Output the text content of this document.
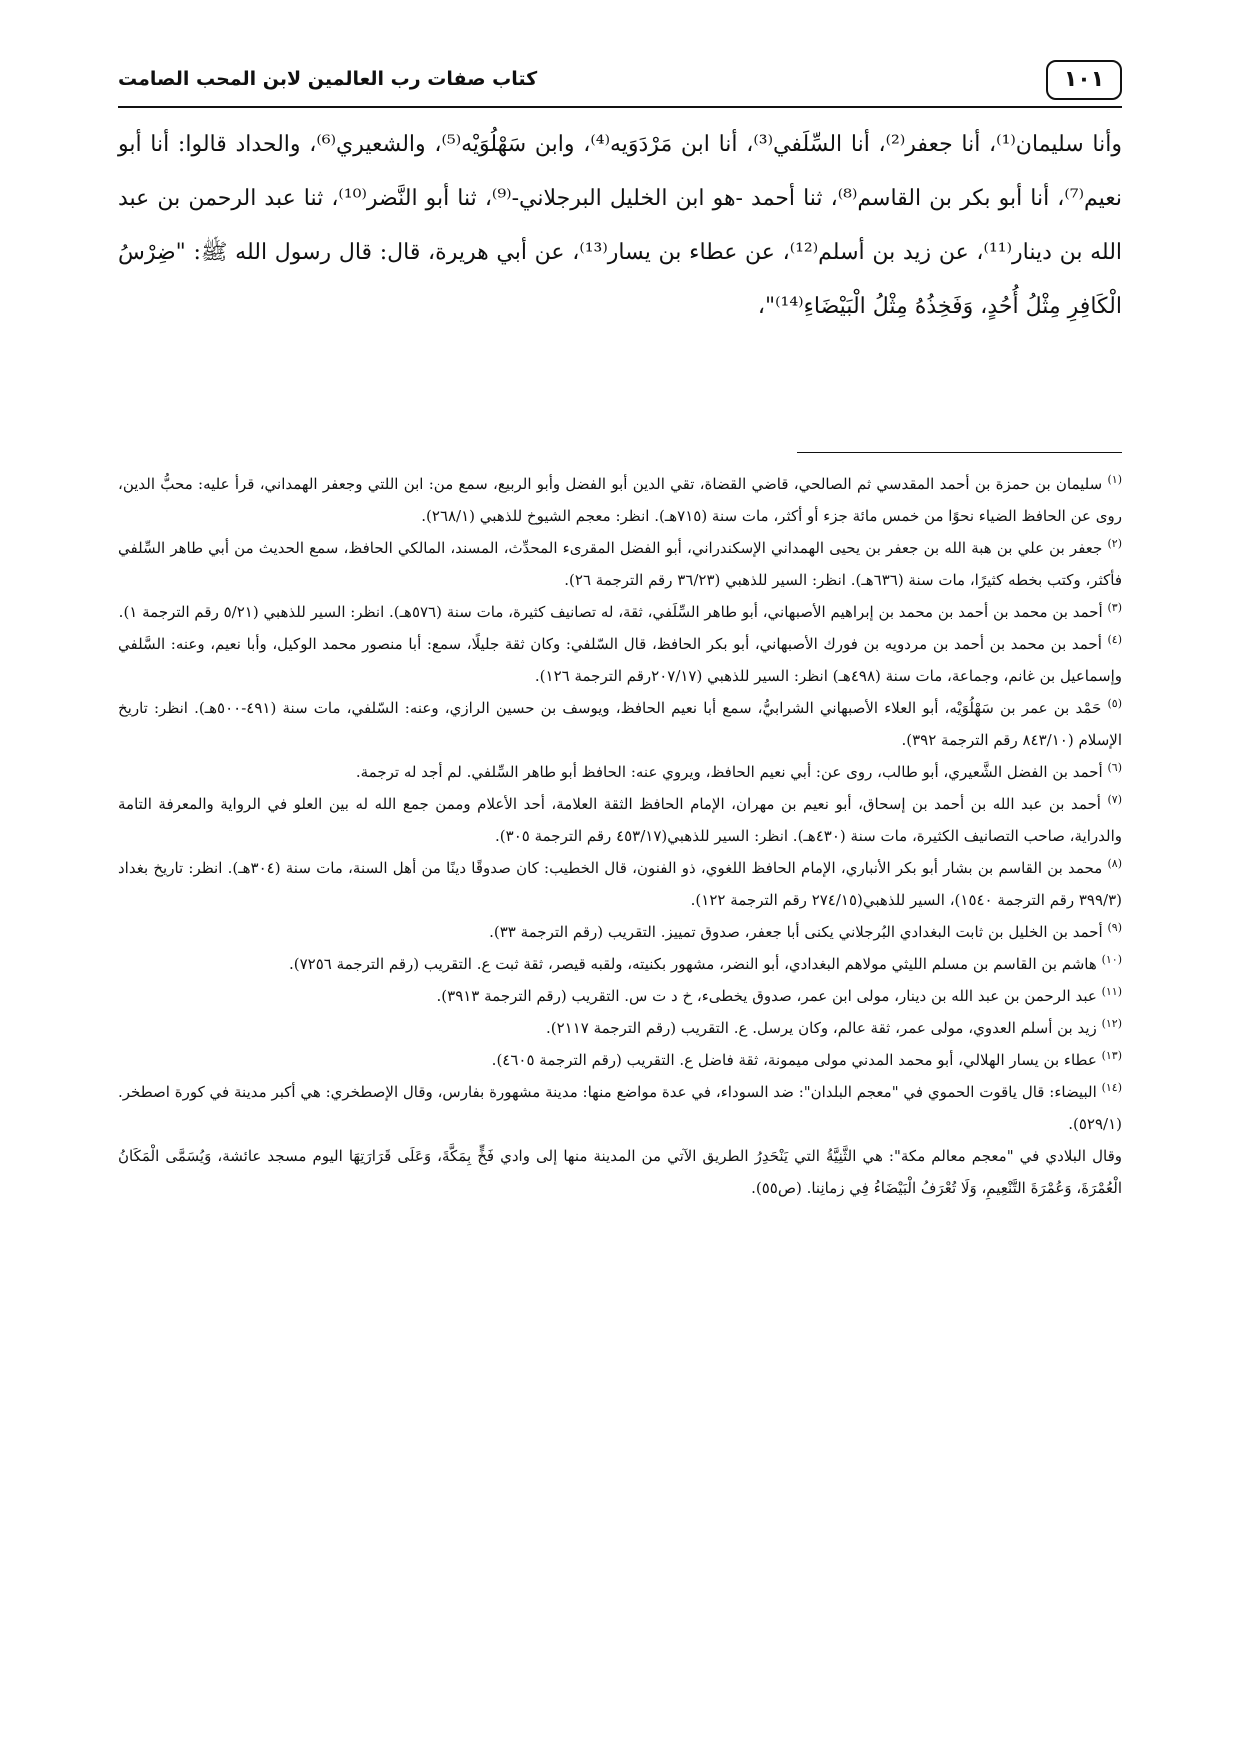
١٠١
كتاب صفات رب العالمين لابن المحب الصامت

وأنا سليمان⁽¹⁾، أنا جعفر⁽²⁾، أنا السِّلَفي⁽³⁾، أنا ابن مَرْدَوَيه⁽⁴⁾، وابن سَهْلُوَيْه⁽⁵⁾، والشعيري⁽⁶⁾، والحداد قالوا: أنا أبو نعيم⁽⁷⁾، أنا أبو بكر بن القاسم⁽⁸⁾، ثنا أحمد -هو ابن الخليل البرجلاني-⁽⁹⁾، ثنا أبو النَّضر⁽¹⁰⁾، ثنا عبد الرحمن بن عبد الله بن دينار⁽¹¹⁾، عن زيد بن أسلم⁽¹²⁾، عن عطاء بن يسار⁽¹³⁾، عن أبي هريرة، قال: قال رسول الله ﷺ: "ضِرْسُ الْكَافِرِ مِثْلُ أُحُدٍ، وَفَخِذُهُ مِثْلُ الْبَيْضَاءِ⁽¹⁴⁾"،

$^{(١)}$ سليمان بن حمزة بن أحمد المقدسي ثم الصالحي، قاضي القضاة، تقي الدين أبو الفضل وأبو الربيع، سمع من: ابن اللتي وجعفر الهمداني، قرأ عليه: محبُّ الدين، روى عن الحافظ الضياء نحوًا من خمس مائة جزء أو أكثر، مات سنة (٧١٥هـ). انظر: معجم الشيوخ للذهبي (٢٦٨/١).

$^{(٢)}$ جعفر بن علي بن هبة الله بن جعفر بن يحيى الهمداني الإسكندراني، أبو الفضل المقرىء المحدِّث، المسند، المالكي الحافظ، سمع الحديث من أبي طاهر السِّلفي فأكثر، وكتب بخطه كثيرًا، مات سنة (٦٣٦هـ). انظر: السير للذهبي (٣٦/٢٣ رقم الترجمة ٢٦).

$^{(٣)}$ أحمد بن محمد بن أحمد بن محمد بن إبراهيم الأصبهاني، أبو طاهر السِّلَفي، ثقة، له تصانيف كثيرة، مات سنة (٥٧٦هـ). انظر: السير للذهبي (٥/٢١ رقم الترجمة ١).

$^{(٤)}$ أحمد بن محمد بن أحمد بن مردويه بن فورك الأصبهاني، أبو بكر الحافظ، قال السّلفي: وكان ثقة جليلًا، سمع: أبا منصور محمد الوكيل، وأبا نعيم، وعنه: السَّلفي وإسماعيل بن غانم، وجماعة، مات سنة (٤٩٨هـ) انظر: السير للذهبي (٢٠٧/١٧رقم الترجمة ١٢٦).

$^{(٥)}$ حَمْد بن عمر بن سَهْلُوَيْه، أبو العلاء الأصبهاني الشرابيُّ، سمع أبا نعيم الحافظ، ويوسف بن حسين الرازي، وعنه: السّلفي، مات سنة (٤٩١-٥٠٠هـ). انظر: تاريخ الإسلام (٨٤٣/١٠ رقم الترجمة ٣٩٢).

$^{(٦)}$ أحمد بن الفضل الشَّعيري، أبو طالب، روى عن: أبي نعيم الحافظ، ويروي عنه: الحافظ أبو طاهر السِّلفي. لم أجد له ترجمة.

$^{(٧)}$ أحمد بن عبد الله بن أحمد بن إسحاق، أبو نعيم بن مهران، الإمام الحافظ الثقة العلامة، أحد الأعلام وممن جمع الله له بين العلو في الرواية والمعرفة التامة والدراية، صاحب التصانيف الكثيرة، مات سنة (٤٣٠هـ). انظر: السير للذهبي(٤٥٣/١٧ رقم الترجمة ٣٠٥).

$^{(٨)}$ محمد بن القاسم بن بشار أبو بكر الأنباري، الإمام الحافظ اللغوي، ذو الفنون، قال الخطيب: كان صدوقًا دينًا من أهل السنة، مات سنة (٣٠٤هـ). انظر: تاريخ بغداد (٣٩٩/٣ رقم الترجمة ١٥٤٠)، السير للذهبي(٢٧٤/١٥ رقم الترجمة ١٢٢).

$^{(٩)}$ أحمد بن الخليل بن ثابت البغدادي البُرجلاني يكنى أبا جعفر، صدوق تمييز. التقريب (رقم الترجمة ٣٣).

$^{(١٠)}$ هاشم بن القاسم بن مسلم الليثي مولاهم البغدادي، أبو النضر، مشهور بكنيته، ولقبه قيصر، ثقة ثبت ع. التقريب (رقم الترجمة ٧٢٥٦).

$^{(١١)}$ عبد الرحمن بن عبد الله بن دينار، مولى ابن عمر، صدوق يخطىء، خ د ت س. التقريب (رقم الترجمة ٣٩١٣).

$^{(١٢)}$ زيد بن أسلم العدوي، مولى عمر، ثقة عالم، وكان يرسل. ع. التقريب (رقم الترجمة ٢١١٧).

$^{(١٣)}$ عطاء بن يسار الهلالي، أبو محمد المدني مولى ميمونة، ثقة فاضل ع. التقريب (رقم الترجمة ٤٦٠٥).

$^{(١٤)}$ البيضاء: قال ياقوت الحموي في "معجم البلدان": ضد السوداء، في عدة مواضع منها: مدينة مشهورة بفارس، وقال الإصطخري: هي أكبر مدينة في كورة اصطخر. (٥٢٩/١).

وقال البلادي في "معجم معالم مكة": هي الثَّنِيَّةُ التي يَنْحَدِرُ الطريق الآتي من المدينة منها إلى وادي فَخٍّ بِمَكَّةَ، وَعَلَى قَرَارَتِهَا اليوم مسجد عائشة، وَيُسَمَّى الْمَكَانُ الْعُمْرَةَ، وَعُمْرَةَ التَّنْعِيمِ، وَلَا تُعْرَفُ الْبَيْضَاءُ فِي زمانِنا. (ص٥٥).
